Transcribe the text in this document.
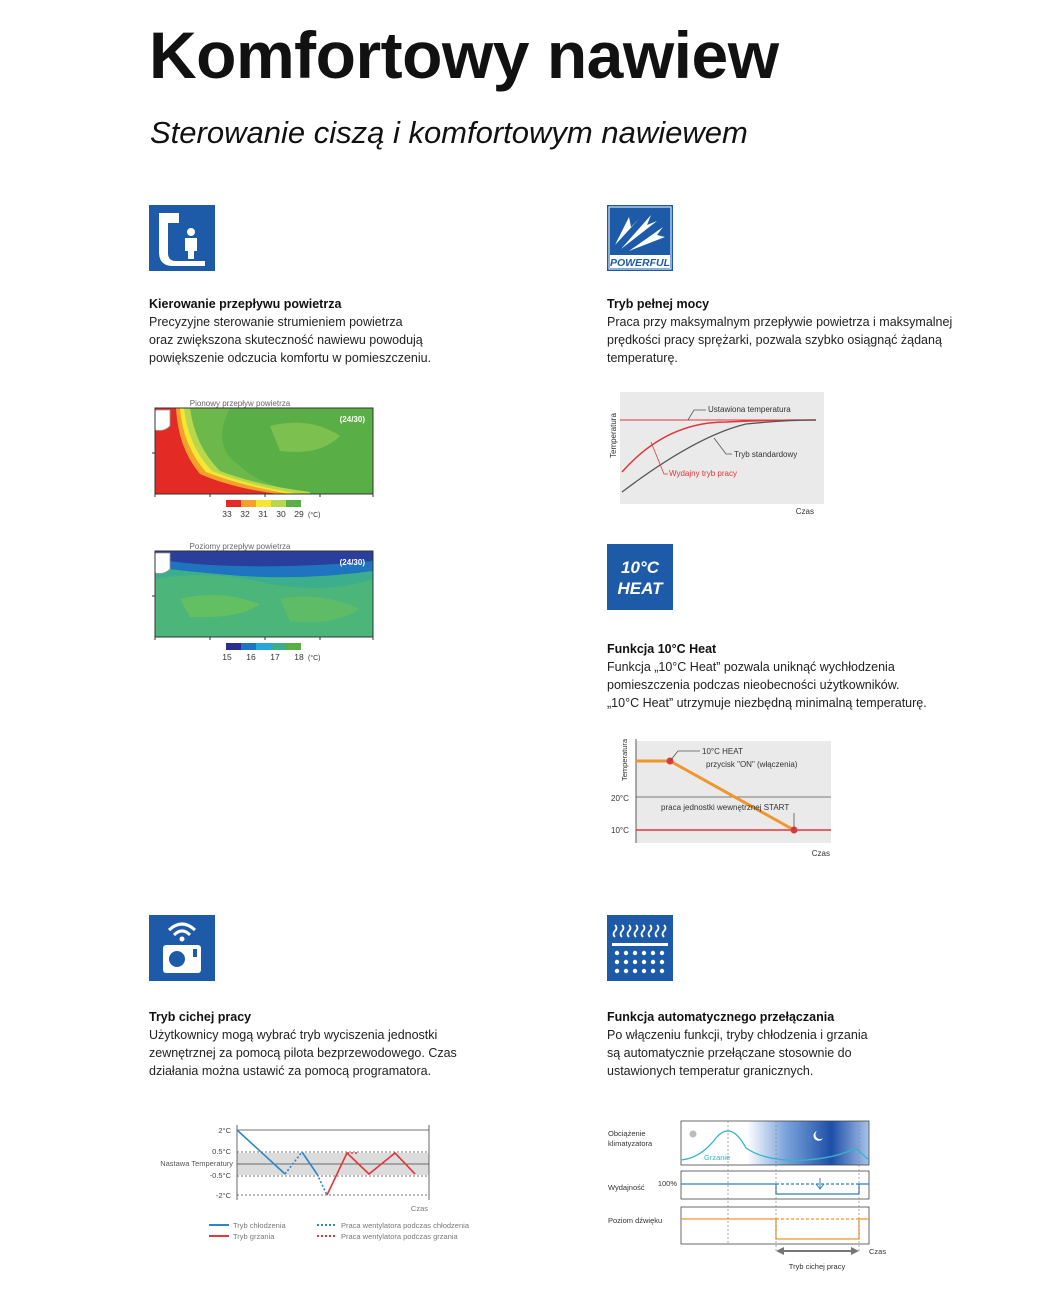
Komfortowy nawiew
Sterowanie ciszą i komfortowym nawiewem
Kierowanie przepływu powietrza
Precyzyjne sterowanie strumieniem powietrza
oraz zwiększona skuteczność nawiewu powodują
powiększenie odczucia komfortu w pomieszczeniu.
Pionowy przepływ powietrza
(24/30)
33 32 31 30 29 (°C)
Poziomy przepływ powietrza
(24/30)
15 16 17 18 (°C)
POWERFUL
Tryb pełnej mocy
Praca przy maksymalnym przepływie powietrza i maksymalnej
prędkości pracy sprężarki, pozwala szybko osiągnąć żądaną
temperaturę.
Temperatura
Ustawiona temperatura
Tryb standardowy
Wydajny tryb pracy
Czas
10°C
HEAT
Funkcja 10°C Heat
Funkcja „10°C Heat” pozwala uniknąć wychłodzenia
pomieszczenia podczas nieobecności użytkowników.
„10°C Heat” utrzymuje niezbędną minimalną temperaturę.
Temperatura
20°C
10°C
10°C HEAT
przycisk "ON" (włączenia)
praca jednostki wewnętrznej START
Czas
Tryb cichej pracy
Użytkownicy mogą wybrać tryb wyciszenia jednostki
zewnętrznej za pomocą pilota bezprzewodowego. Czas
działania można ustawić za pomocą programatora.
2°C
0.5°C
Nastawa Temperatury
-0.5°C
-2°C
Czas
Tryb chłodzenia
Tryb grzania
Praca wentylatora podczas chłodzenia
Praca wentylatora podczas grzania
Funkcja automatycznego przełączania
Po włączeniu funkcji, tryby chłodzenia i grzania
są automatycznie przełączane stosownie do
ustawionych temperatur granicznych.
Obciążenie
klimatyzatora
Grzanie
Wydajność 100%
Poziom dźwięku
Czas
Tryb cichej pracy
